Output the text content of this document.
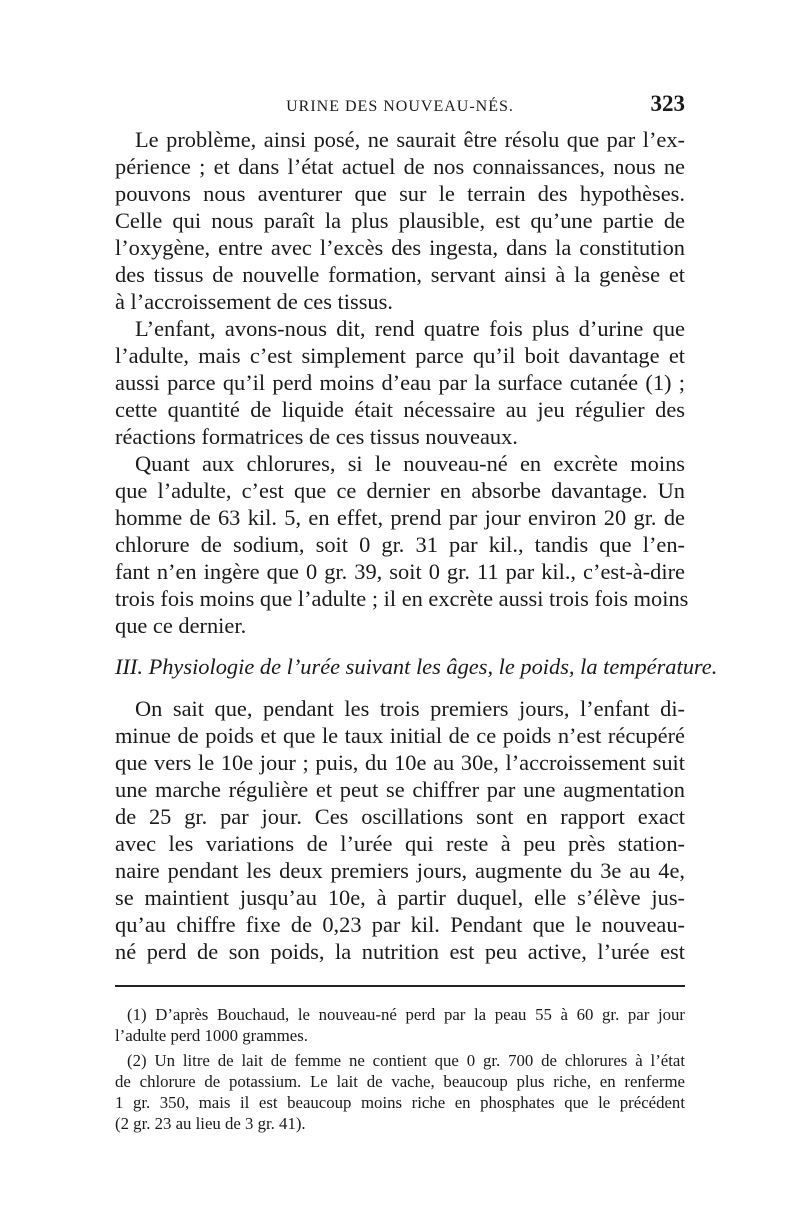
URINE DES NOUVEAU-NÉS.	323
Le problème, ainsi posé, ne saurait être résolu que par l’ex-
périence ; et dans l’état actuel de nos connaissances, nous ne
pouvons nous aventurer que sur le terrain des hypothèses.
Celle qui nous paraît la plus plausible, est qu’une partie de
l’oxygène, entre avec l’excès des ingesta, dans la constitution
des tissus de nouvelle formation, servant ainsi à la genèse et
à l’accroissement de ces tissus.
L’enfant, avons-nous dit, rend quatre fois plus d’urine que
l’adulte, mais c’est simplement parce qu’il boit davantage et
aussi parce qu’il perd moins d’eau par la surface cutanée (1) ;
cette quantité de liquide était nécessaire au jeu régulier des
réactions formatrices de ces tissus nouveaux.
Quant aux chlorures, si le nouveau-né en excrète moins
que l’adulte, c’est que ce dernier en absorbe davantage. Un
homme de 63 kil. 5, en effet, prend par jour environ 20 gr. de
chlorure de sodium, soit 0 gr. 31 par kil., tandis que l’en-
fant n’en ingère que 0 gr. 39, soit 0 gr. 11 par kil., c’est-à-dire
trois fois moins que l’adulte ; il en excrète aussi trois fois moins
que ce dernier.
III. Physiologie de l’urée suivant les âges, le poids, la température.
On sait que, pendant les trois premiers jours, l’enfant di-
minue de poids et que le taux initial de ce poids n’est récupéré
que vers le 10e jour ; puis, du 10e au 30e, l’accroissement suit
une marche régulière et peut se chiffrer par une augmentation
de 25 gr. par jour. Ces oscillations sont en rapport exact
avec les variations de l’urée qui reste à peu près station-
naire pendant les deux premiers jours, augmente du 3e au 4e,
se maintient jusqu’au 10e, à partir duquel, elle s’élève jus-
qu’au chiffre fixe de 0,23 par kil. Pendant que le nouveau-
né perd de son poids, la nutrition est peu active, l’urée est
(1) D’après Bouchaud, le nouveau-né perd par la peau 55 à 60 gr. par jour
l’adulte perd 1000 grammes.
(2) Un litre de lait de femme ne contient que 0 gr. 700 de chlorures à l’état
de chlorure de potassium. Le lait de vache, beaucoup plus riche, en renferme
1 gr. 350, mais il est beaucoup moins riche en phosphates que le précédent
(2 gr. 23 au lieu de 3 gr. 41).
